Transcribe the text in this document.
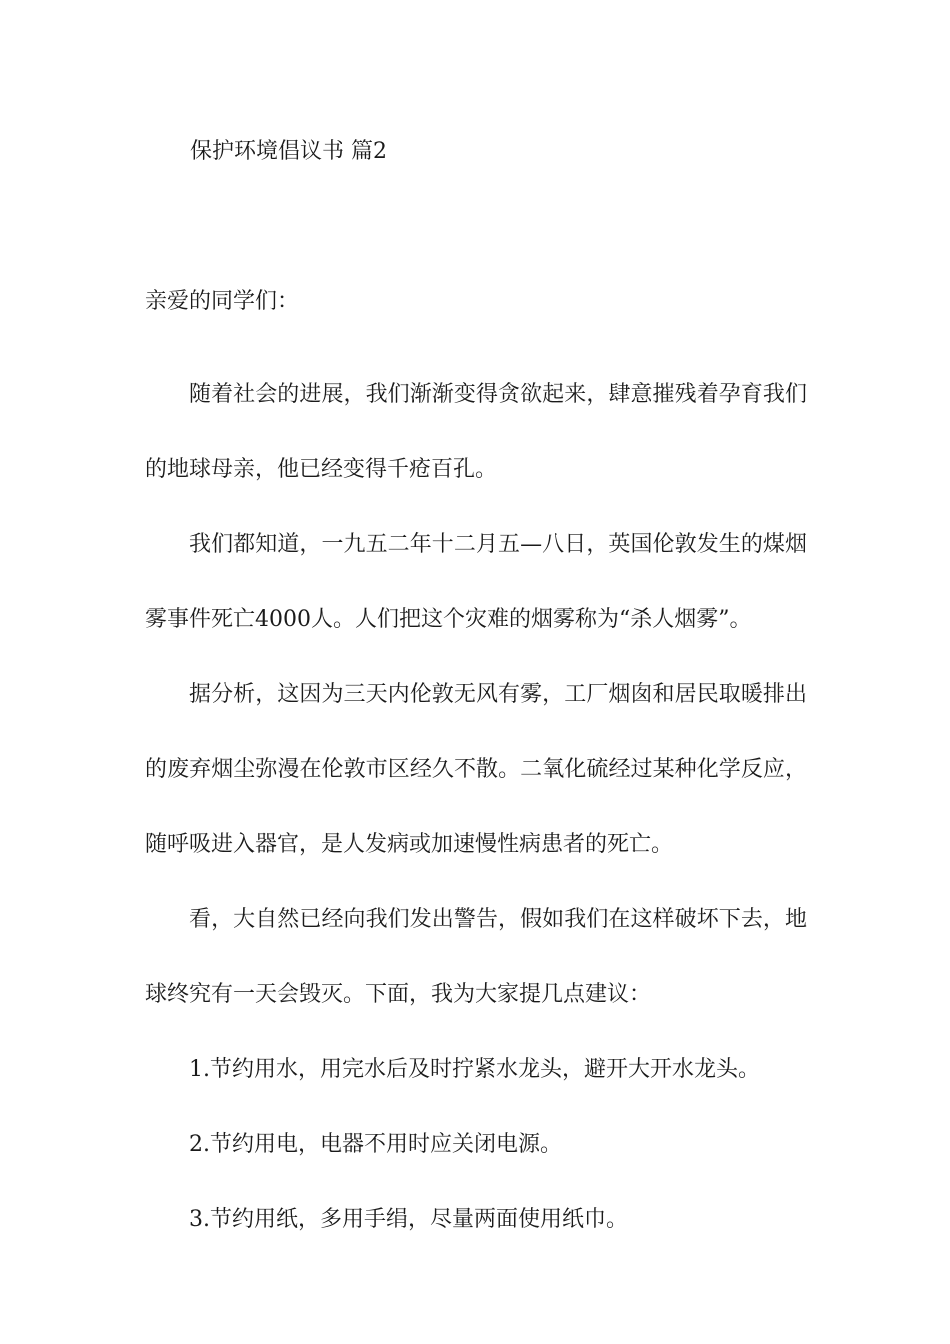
保护环境倡议书 篇2
亲爱的同学们：

随着社会的进展，我们渐渐变得贪欲起来，肆意摧残着孕育我们的地球母亲，他已经变得千疮百孔。

我们都知道，一九五二年十二月五—八日，英国伦敦发生的煤烟雾事件死亡4000人。人们把这个灾难的烟雾称为“杀人烟雾”。

据分析，这因为三天内伦敦无风有雾，工厂烟囱和居民取暖排出的废弃烟尘弥漫在伦敦市区经久不散。二氧化硫经过某种化学反应，随呼吸进入器官，是人发病或加速慢性病患者的死亡。

看，大自然已经向我们发出警告，假如我们在这样破坏下去，地球终究有一天会毁灭。下面，我为大家提几点建议：

1.节约用水，用完水后及时拧紧水龙头，避开大开水龙头。

2.节约用电，电器不用时应关闭电源。

3.节约用纸，多用手绢，尽量两面使用纸巾。
